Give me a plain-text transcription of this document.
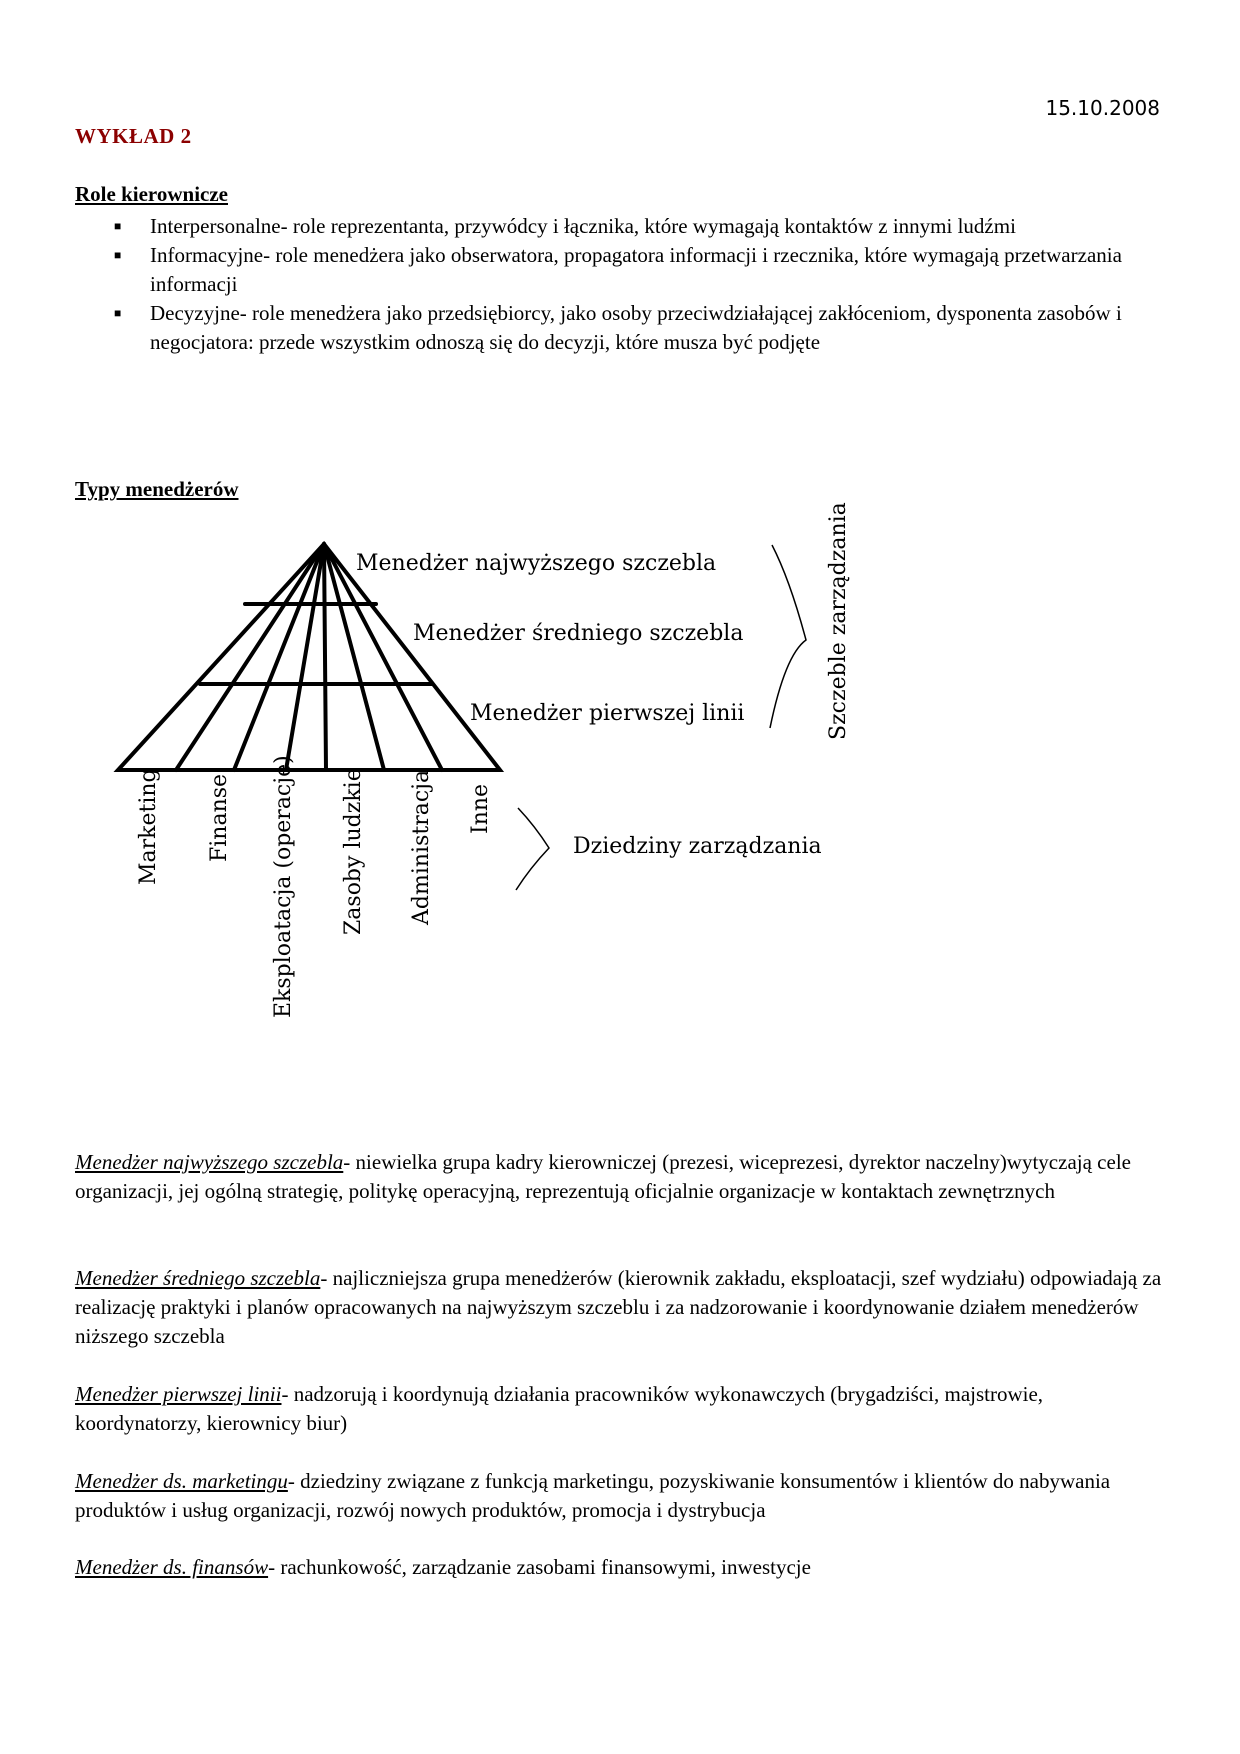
15.10.2008
WYKŁAD 2
Role kierownicze
■ Interpersonalne- role reprezentanta, przywódcy i łącznika, które wymagają kontaktów z innymi ludźmi
■ Informacyjne- role menedżera jako obserwatora, propagatora informacji i rzecznika, które wymagają przetwarzania informacji
■ Decyzyjne- role menedżera jako przedsiębiorcy, jako osoby przeciwdziałającej zakłóceniom, dysponenta zasobów i negocjatora: przede wszystkim odnoszą się do decyzji, które musza być podjęte
Typy menedżerów
Menedżer najwyższego szczebla
Menedżer średniego szczebla
Menedżer pierwszej linii	Szczeble zarządzania
Marketing Finanse Eksploatacja (operacje) Zasoby ludzkie Administracja Inne
Dziedziny zarządzania
Menedżer najwyższego szczebla- niewielka grupa kadry kierowniczej (prezesi, wiceprezesi, dyrektor naczelny)wytyczają cele organizacji, jej ogólną strategię, politykę operacyjną, reprezentują oficjalnie organizacje w kontaktach zewnętrznych
Menedżer średniego szczebla- najliczniejsza grupa menedżerów (kierownik zakładu, eksploatacji, szef wydziału) odpowiadają za realizację praktyki i planów opracowanych na najwyższym szczeblu i za nadzorowanie i koordynowanie działem menedżerów niższego szczebla
Menedżer pierwszej linii- nadzorują i koordynują działania pracowników wykonawczych (brygadziści, majstrowie, koordynatorzy, kierownicy biur)
Menedżer ds. marketingu- dziedziny związane z funkcją marketingu, pozyskiwanie konsumentów i klientów do nabywania produktów i usług organizacji, rozwój nowych produktów, promocja i dystrybucja
Menedżer ds. finansów- rachunkowość, zarządzanie zasobami finansowymi, inwestycje
